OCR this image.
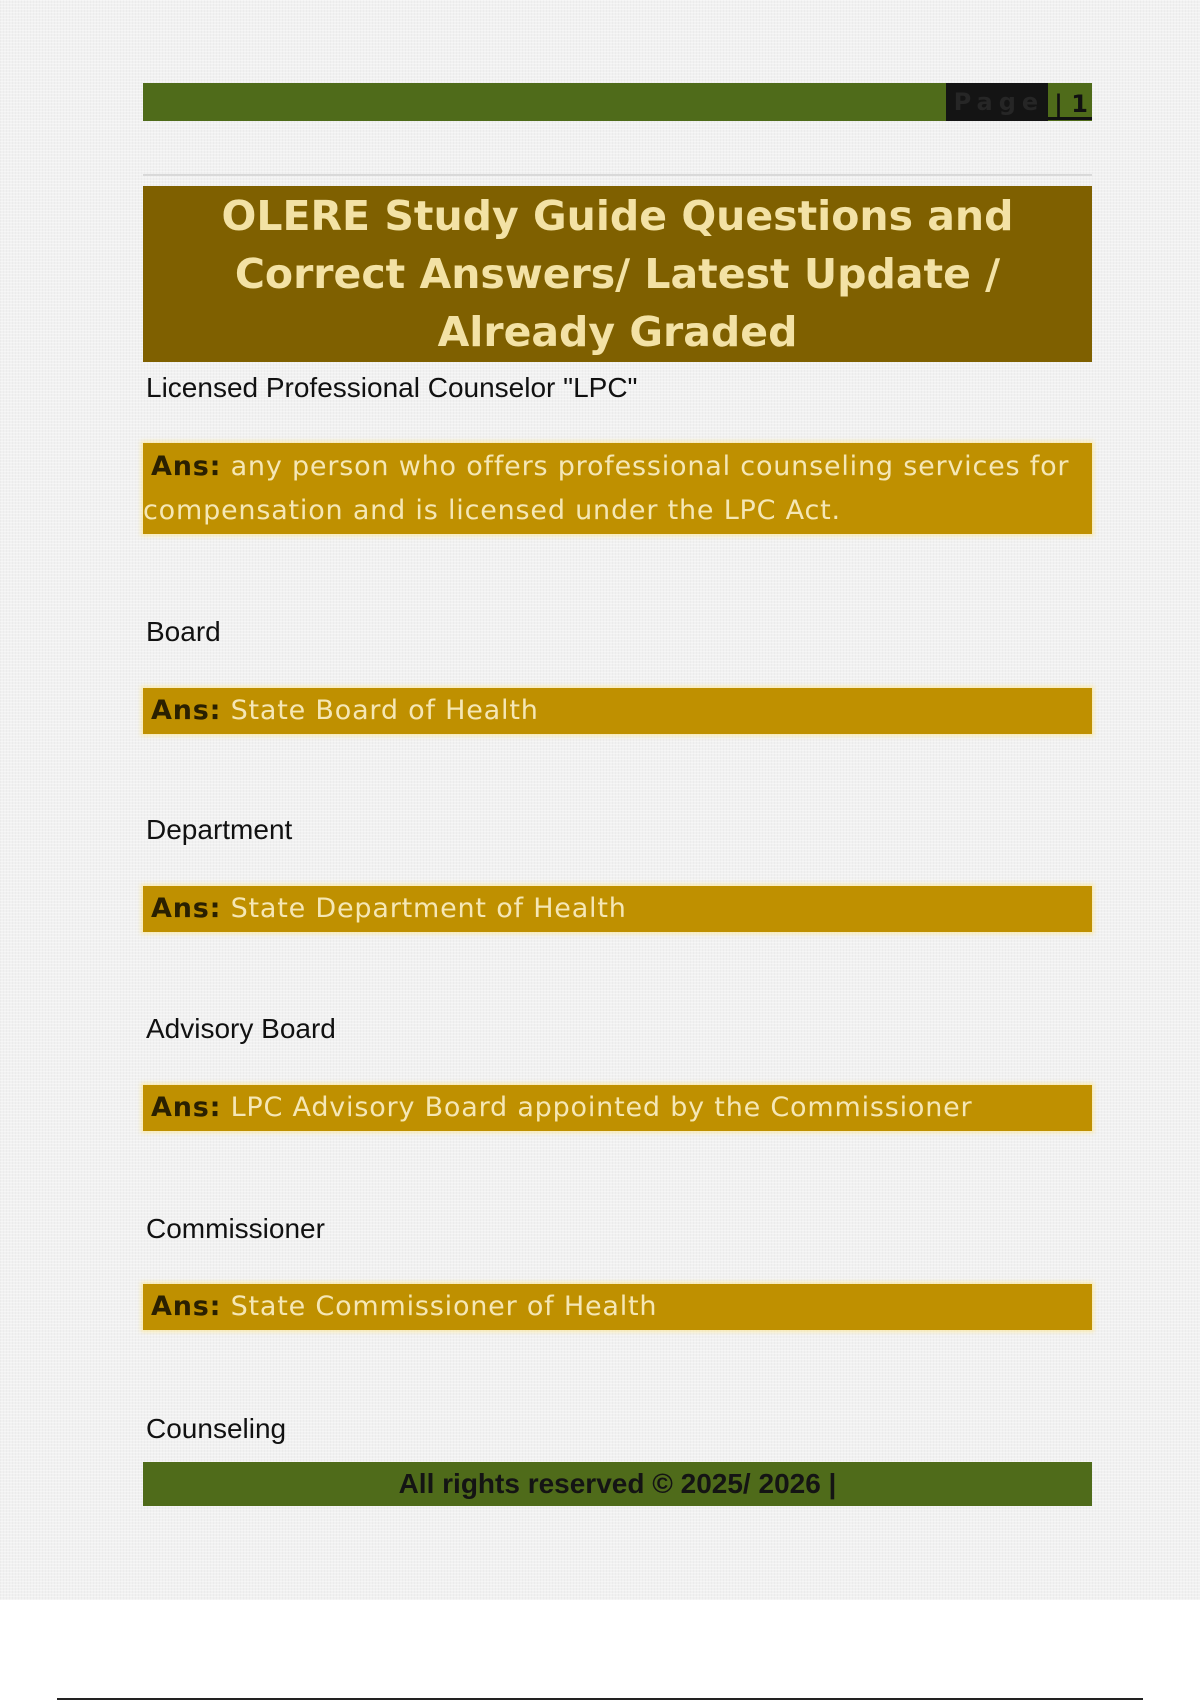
Page | 1
OLERE Study Guide Questions and Correct Answers/ Latest Update / Already Graded
Licensed Professional Counselor "LPC"
Ans: any person who offers professional counseling services for
compensation and is licensed under the LPC Act.
Board
Ans: State Board of Health
Department
Ans: State Department of Health
Advisory Board
Ans: LPC Advisory Board appointed by the Commissioner
Commissioner
Ans: State Commissioner of Health
Counseling
All rights reserved © 2025/ 2026 |
